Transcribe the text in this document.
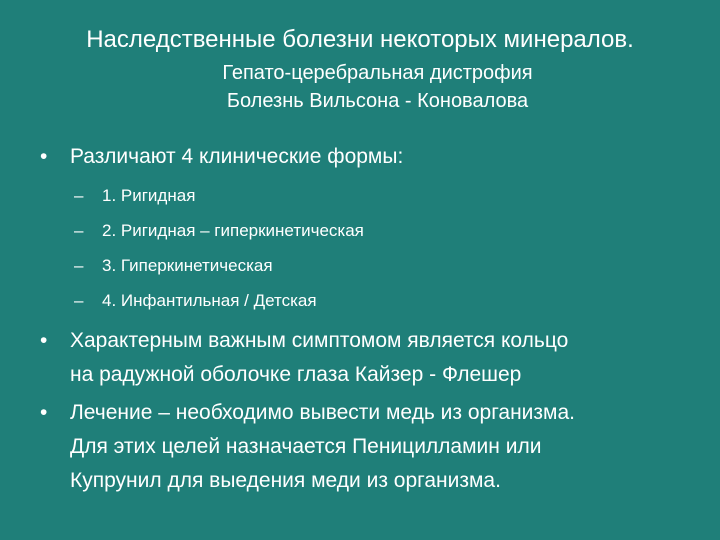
Наследственные болезни некоторых минералов.
Гепато-церебральная дистрофия
Болезнь Вильсона - Коновалова
•	Различают 4 клинические формы:
–	1. Ригидная
–	2. Ригидная – гиперкинетическая
–	3. Гиперкинетическая
–	4. Инфантильная / Детская
•	Характерным важным симптомом является кольцо
на радужной оболочке глаза Кайзер - Флешер
•	Лечение – необходимо вывести медь из организма.
Для этих целей назначается Пеницилламин или
Купрунил для выедения меди из организма.
